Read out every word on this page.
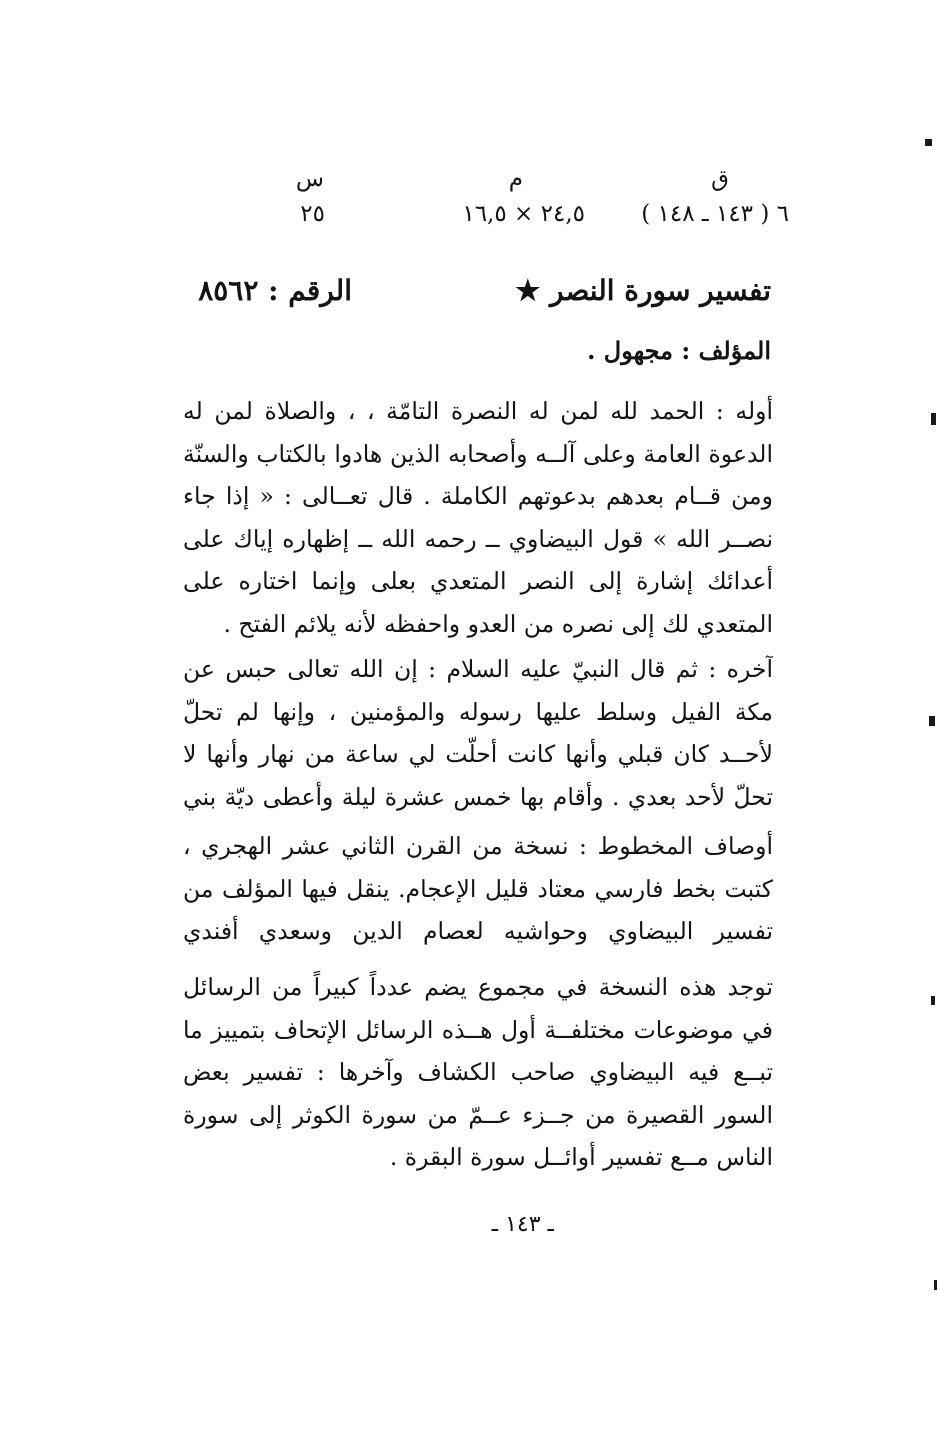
ق
م
س
٦ ( ١٤٣ ـ ١٤٨ )
٢٤,٥ × ١٦,٥
٢٥
تفسير سورة النصر ★
الرقم : ٨٥٦٢
المؤلف : مجهول .
أوله : الحمد لله لمن له النصرة التامّة ، ، والصلاة لمن له الدعوة العامة وعلى آلــه وأصحابه الذين هادوا بالكتاب والسنّة ومن قــام بعدهم بدعوتهم الكاملة . قال تعــالى : « إذا جاء نصــر الله » قول البيضاوي ــ رحمه الله ــ إظهاره إياك على أعدائك إشارة إلى النصر المتعدي بعلى وإنما اختاره على المتعدي لك إلى نصره من العدو واحفظه لأنه يلائم الفتح .
آخره : ثم قال النبيّ عليه السلام : إن الله تعالى حبس عن مكة الفيل وسلط عليها رسوله والمؤمنين ، وإنها لم تحلّ لأحــد كان قبلي وأنها كانت أحلّت لي ساعة من نهار وأنها لا تحلّ لأحد بعدي . وأقام بها خمس عشرة ليلة وأعطى ديّة بني
أوصاف المخطوط : نسخة من القرن الثاني عشر الهجري ، كتبت بخط فارسي معتاد قليل الإعجام. ينقل فيها المؤلف من تفسير البيضاوي وحواشيه لعصام الدين وسعدي أفندي
توجد هذه النسخة في مجموع يضم عدداً كبيراً من الرسائل في موضوعات مختلفــة أول هــذه الرسائل الإتحاف بتمييز ما تبــع فيه البيضاوي صاحب الكشاف وآخرها : تفسير بعض السور القصيرة من جــزء عــمّ من سورة الكوثر إلى سورة الناس مــع تفسير أوائــل سورة البقرة .
ـ ١٤٣ ـ
